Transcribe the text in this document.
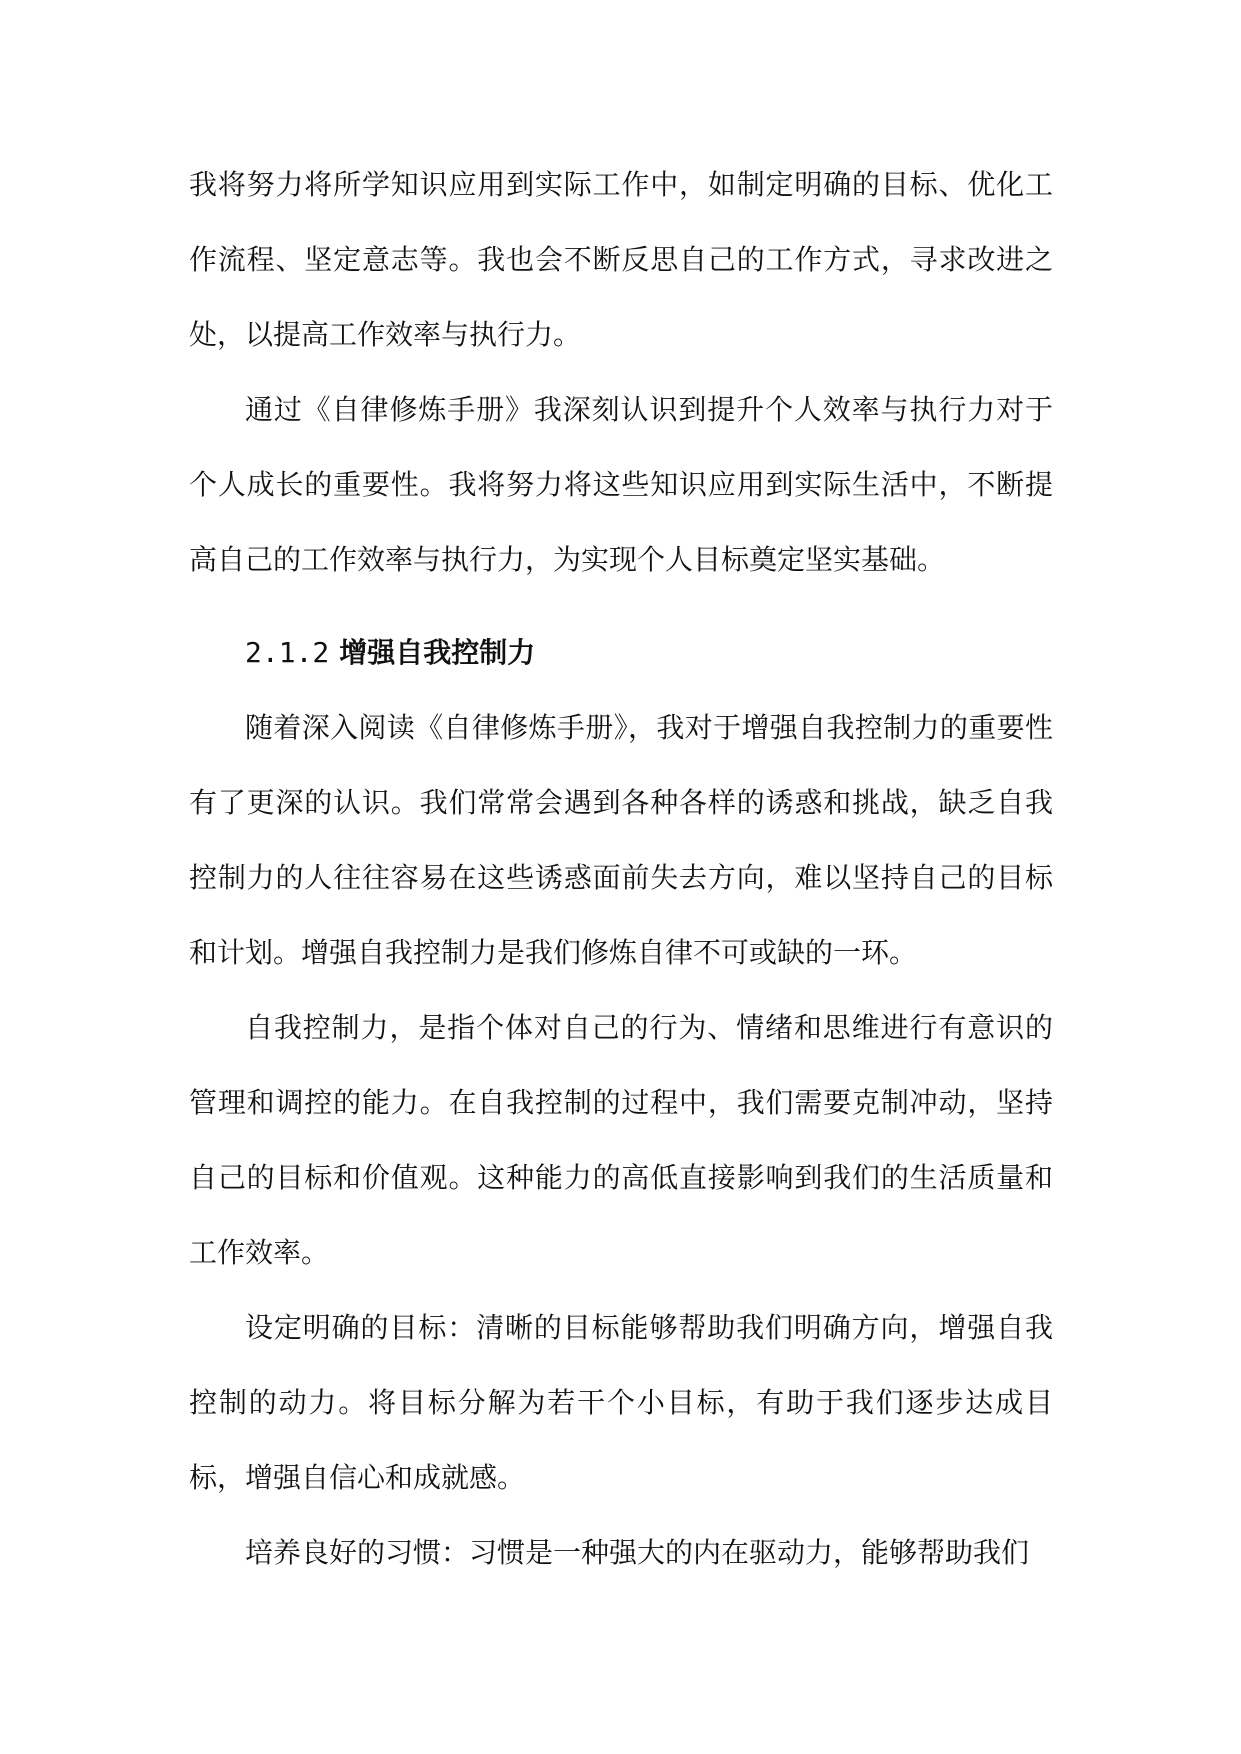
我将努力将所学知识应用到实际工作中，如制定明确的目标、优化工作流程、坚定意志等。我也会不断反思自己的工作方式，寻求改进之处，以提高工作效率与执行力。

通过《自律修炼手册》我深刻认识到提升个人效率与执行力对于个人成长的重要性。我将努力将这些知识应用到实际生活中，不断提高自己的工作效率与执行力，为实现个人目标奠定坚实基础。

2.1.2 增强自我控制力

随着深入阅读《自律修炼手册》，我对于增强自我控制力的重要性有了更深的认识。我们常常会遇到各种各样的诱惑和挑战，缺乏自我控制力的人往往容易在这些诱惑面前失去方向，难以坚持自己的目标和计划。增强自我控制力是我们修炼自律不可或缺的一环。

自我控制力，是指个体对自己的行为、情绪和思维进行有意识的管理和调控的能力。在自我控制的过程中，我们需要克制冲动，坚持自己的目标和价值观。这种能力的高低直接影响到我们的生活质量和工作效率。

设定明确的目标：清晰的目标能够帮助我们明确方向，增强自我控制的动力。将目标分解为若干个小目标，有助于我们逐步达成目标，增强自信心和成就感。

培养良好的习惯：习惯是一种强大的内在驱动力，能够帮助我们
